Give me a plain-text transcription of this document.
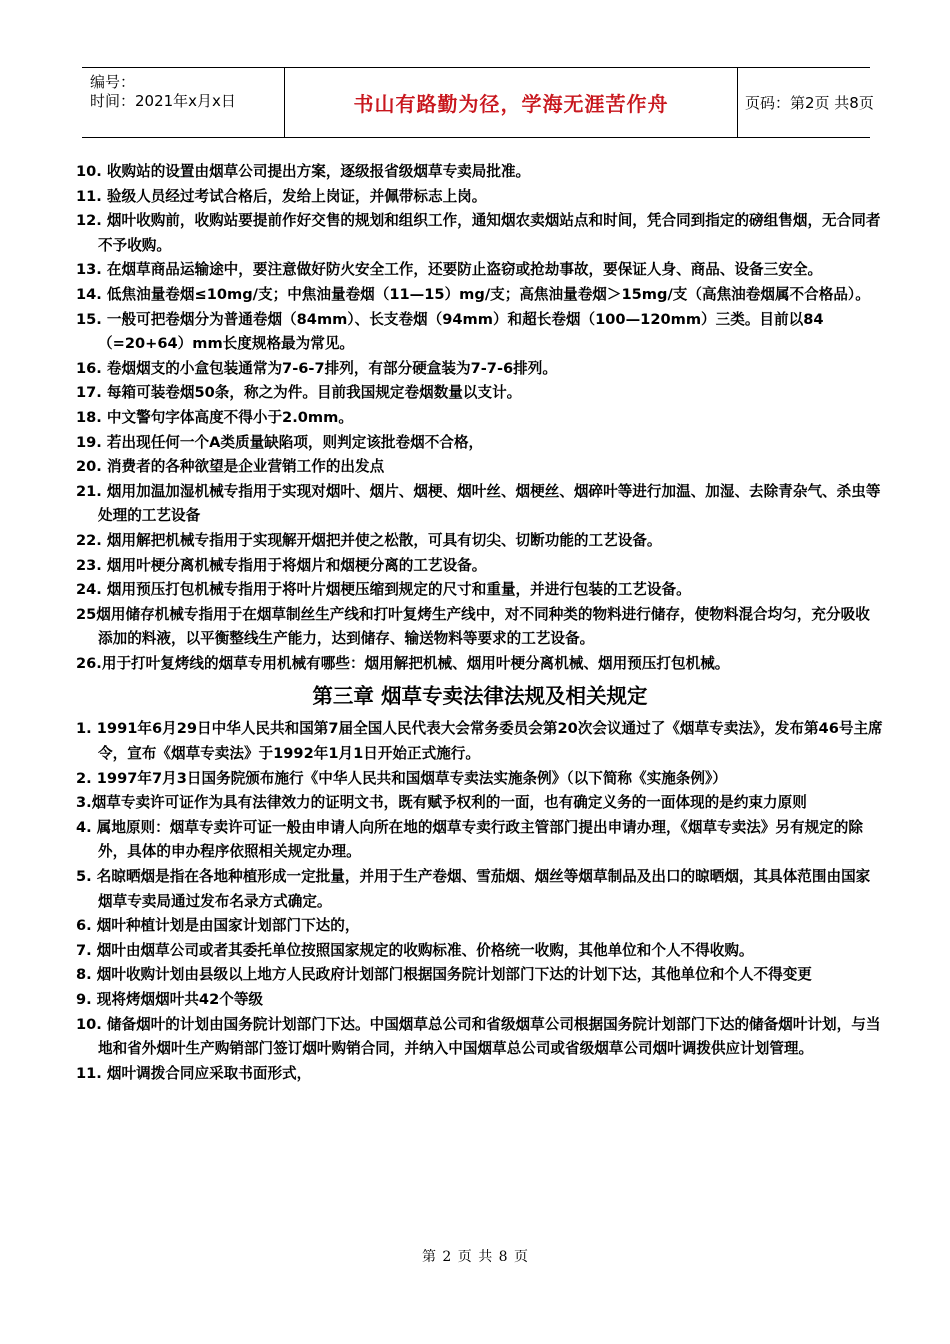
编号：
时间：2021年x月x日	书山有路勤为径，学海无涯苦作舟	页码：第2页 共8页
10. 收购站的设置由烟草公司提出方案，逐级报省级烟草专卖局批准。
11. 验级人员经过考试合格后，发给上岗证，并佩带标志上岗。
12. 烟叶收购前，收购站要提前作好交售的规划和组织工作，通知烟农卖烟站点和时间，凭合同到指定的磅组售烟，无合同者不予收购。
13. 在烟草商品运输途中，要注意做好防火安全工作，还要防止盗窃或抢劫事故，要保证人身、商品、设备三安全。
14. 低焦油量卷烟≤10mg/支；中焦油量卷烟（11—15）mg/支；高焦油量卷烟＞15mg/支（高焦油卷烟属不合格品）。
15. 一般可把卷烟分为普通卷烟（84mm）、长支卷烟（94mm）和超长卷烟（100—120mm）三类。目前以84（=20+64）mm长度规格最为常见。
16. 卷烟烟支的小盒包装通常为7-6-7排列，有部分硬盒装为7-7-6排列。
17. 每箱可装卷烟50条，称之为件。目前我国规定卷烟数量以支计。
18. 中文警句字体高度不得小于2.0mm。
19. 若出现任何一个A类质量缺陷项，则判定该批卷烟不合格，
20. 消费者的各种欲望是企业营销工作的出发点
21. 烟用加温加湿机械专指用于实现对烟叶、烟片、烟梗、烟叶丝、烟梗丝、烟碎叶等进行加温、加湿、去除青杂气、杀虫等处理的工艺设备
22. 烟用解把机械专指用于实现解开烟把并使之松散，可具有切尖、切断功能的工艺设备。
23. 烟用叶梗分离机械专指用于将烟片和烟梗分离的工艺设备。
24. 烟用预压打包机械专指用于将叶片烟梗压缩到规定的尺寸和重量，并进行包装的工艺设备。
25烟用储存机械专指用于在烟草制丝生产线和打叶复烤生产线中，对不同种类的物料进行储存，使物料混合均匀，充分吸收添加的料液，以平衡整线生产能力，达到储存、输送物料等要求的工艺设备。
26.用于打叶复烤线的烟草专用机械有哪些：烟用解把机械、烟用叶梗分离机械、烟用预压打包机械。
第三章 烟草专卖法律法规及相关规定
1. 1991年6月29日中华人民共和国第7届全国人民代表大会常务委员会第20次会议通过了《烟草专卖法》，发布第46号主席令，宣布《烟草专卖法》于1992年1月1日开始正式施行。
2. 1997年7月3日国务院颁布施行《中华人民共和国烟草专卖法实施条例》（以下简称《实施条例》）
3.烟草专卖许可证作为具有法律效力的证明文书，既有赋予权利的一面，也有确定义务的一面体现的是约束力原则
4. 属地原则：烟草专卖许可证一般由申请人向所在地的烟草专卖行政主管部门提出申请办理，《烟草专卖法》另有规定的除外，具体的申办程序依照相关规定办理。
5. 名晾晒烟是指在各地种植形成一定批量，并用于生产卷烟、雪茄烟、烟丝等烟草制品及出口的晾晒烟，其具体范围由国家烟草专卖局通过发布名录方式确定。
6. 烟叶种植计划是由国家计划部门下达的，
7. 烟叶由烟草公司或者其委托单位按照国家规定的收购标准、价格统一收购，其他单位和个人不得收购。
8. 烟叶收购计划由县级以上地方人民政府计划部门根据国务院计划部门下达的计划下达，其他单位和个人不得变更
9. 现将烤烟烟叶共42个等级
10. 储备烟叶的计划由国务院计划部门下达。中国烟草总公司和省级烟草公司根据国务院计划部门下达的储备烟叶计划，与当地和省外烟叶生产购销部门签订烟叶购销合同，并纳入中国烟草总公司或省级烟草公司烟叶调拨供应计划管理。
11. 烟叶调拨合同应采取书面形式，
第 2 页 共 8 页
